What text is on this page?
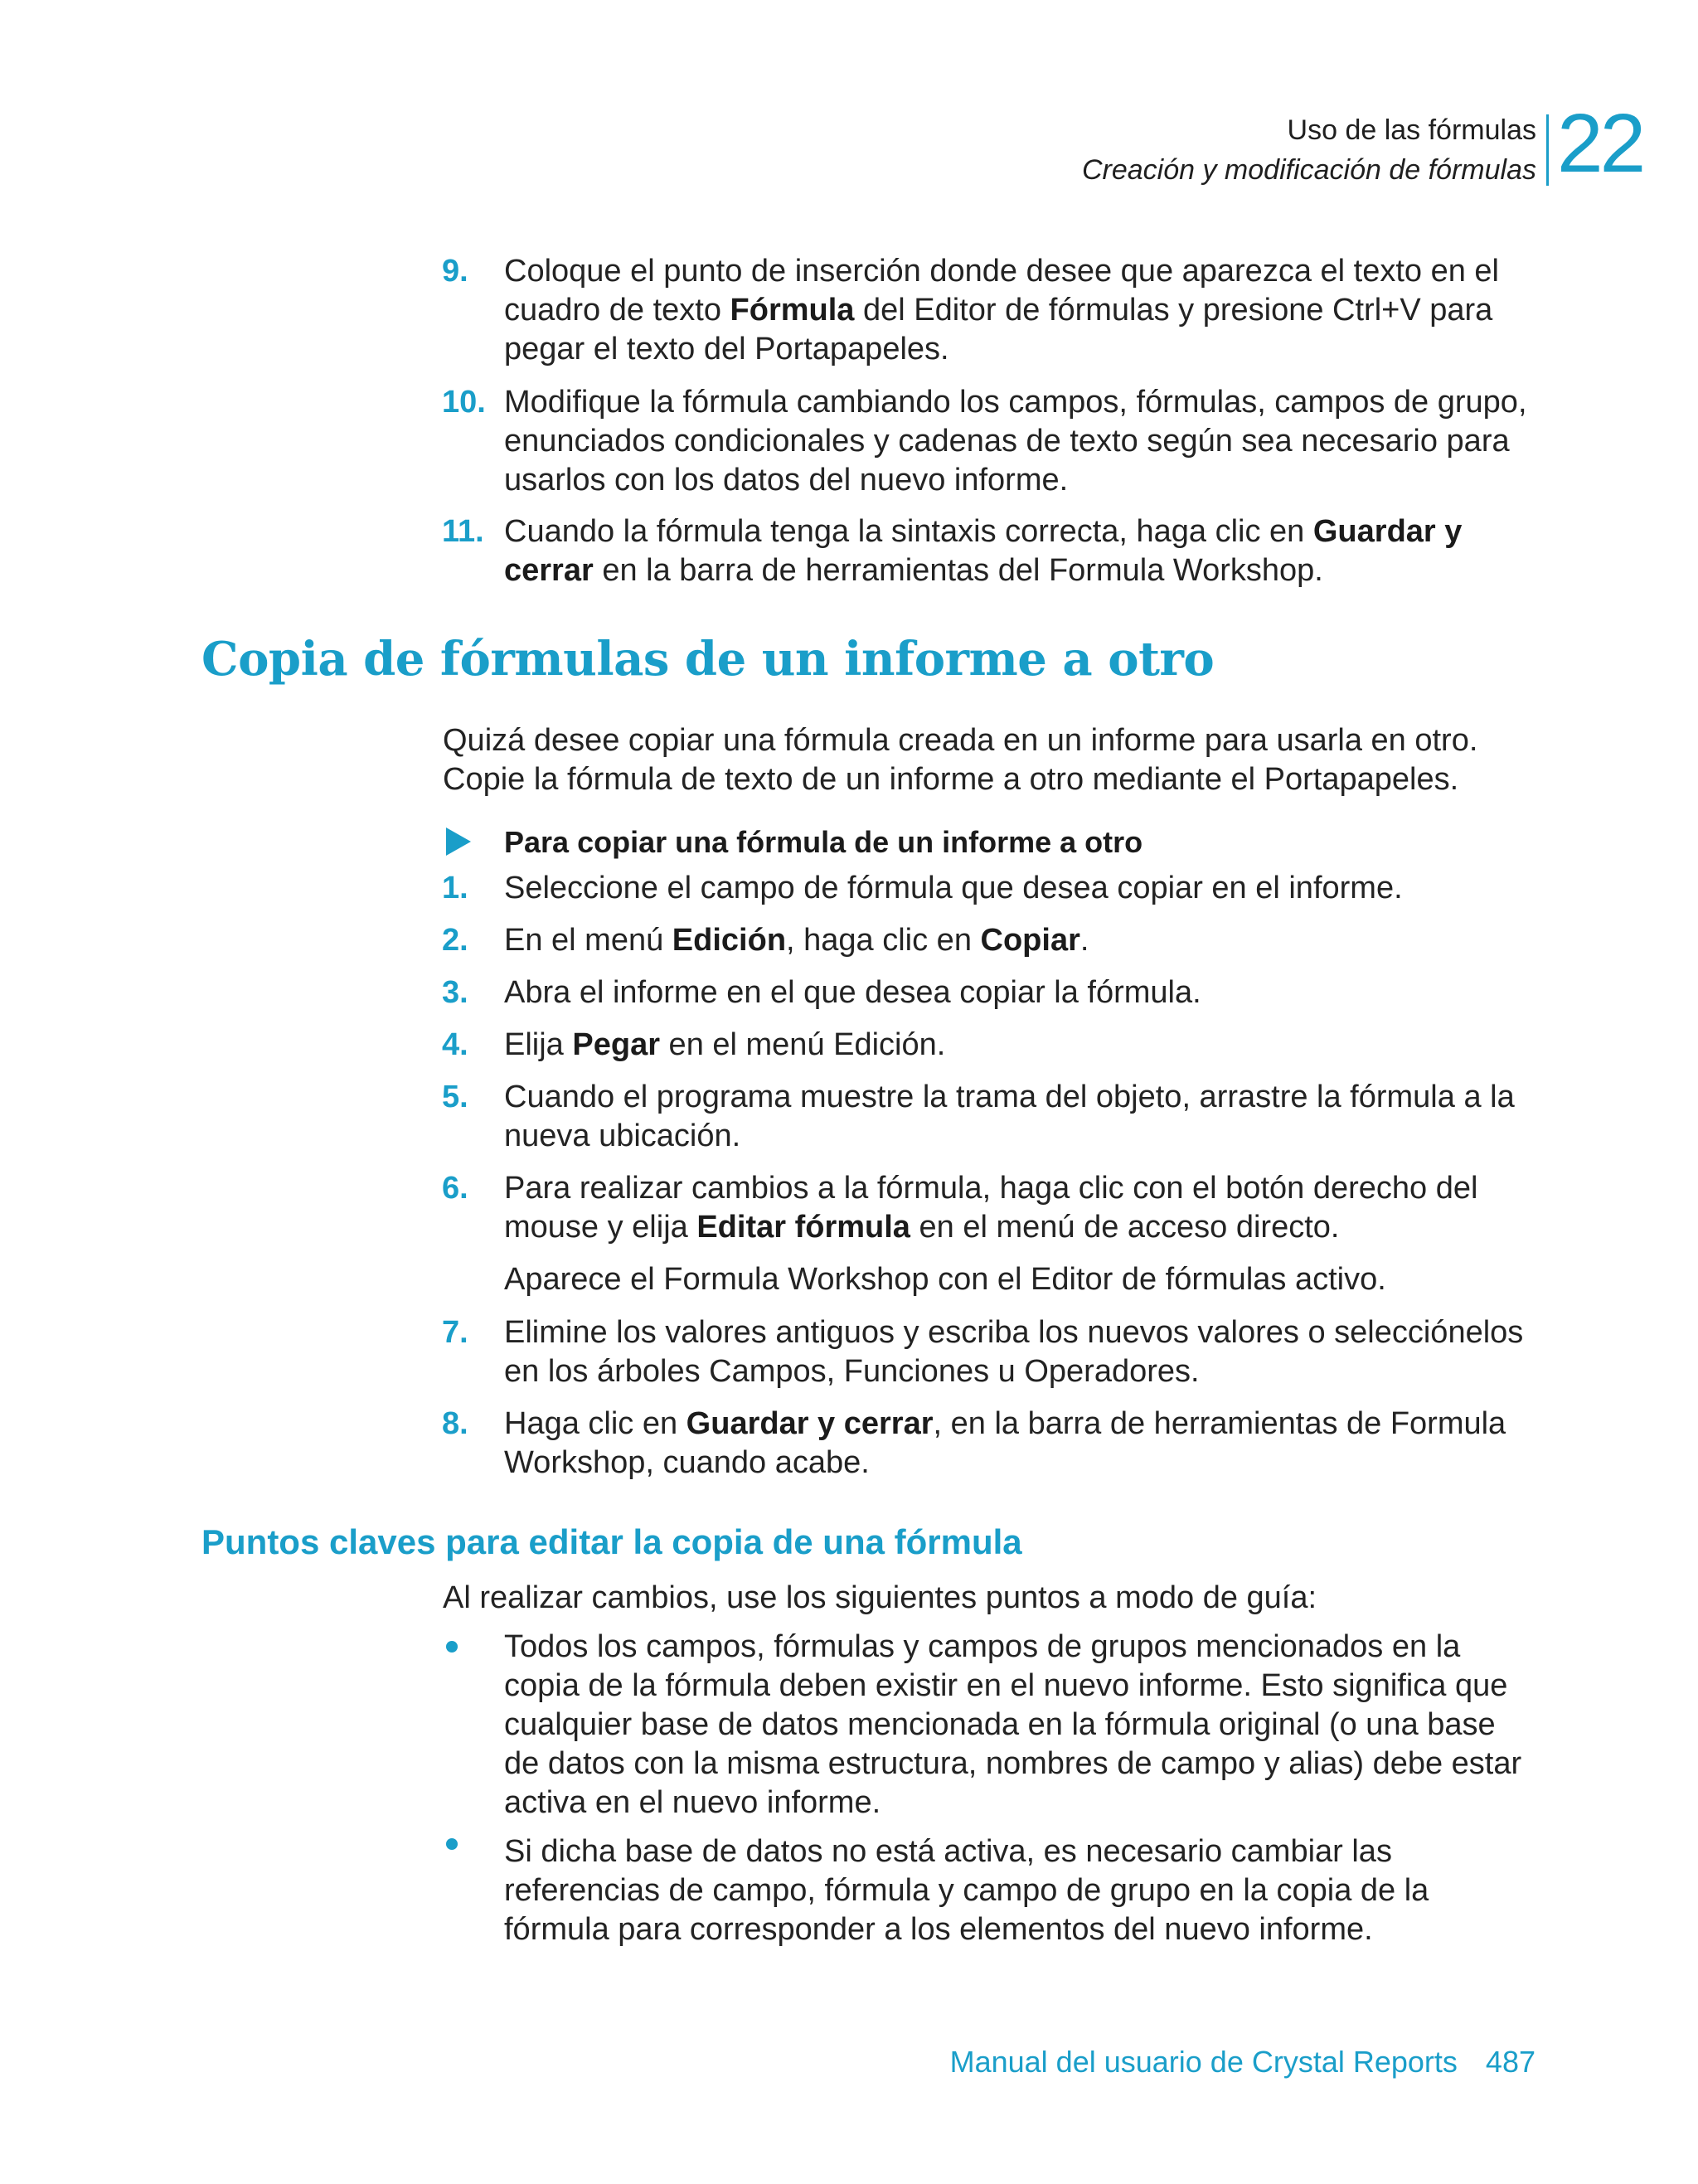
Uso de las fórmulas
Creación y modificación de fórmulas 22
9. Coloque el punto de inserción donde desee que aparezca el texto en el
cuadro de texto Fórmula del Editor de fórmulas y presione Ctrl+V para
pegar el texto del Portapapeles.
10. Modifique la fórmula cambiando los campos, fórmulas, campos de grupo,
enunciados condicionales y cadenas de texto según sea necesario para
usarlos con los datos del nuevo informe.
11. Cuando la fórmula tenga la sintaxis correcta, haga clic en Guardar y
cerrar en la barra de herramientas del Formula Workshop.
Copia de fórmulas de un informe a otro
Quizá desee copiar una fórmula creada en un informe para usarla en otro.
Copie la fórmula de texto de un informe a otro mediante el Portapapeles.
Para copiar una fórmula de un informe a otro
1. Seleccione el campo de fórmula que desea copiar en el informe.
2. En el menú Edición, haga clic en Copiar.
3. Abra el informe en el que desea copiar la fórmula.
4. Elija Pegar en el menú Edición.
5. Cuando el programa muestre la trama del objeto, arrastre la fórmula a la
nueva ubicación.
6. Para realizar cambios a la fórmula, haga clic con el botón derecho del
mouse y elija Editar fórmula en el menú de acceso directo.
Aparece el Formula Workshop con el Editor de fórmulas activo.
7. Elimine los valores antiguos y escriba los nuevos valores o selecciónelos
en los árboles Campos, Funciones u Operadores.
8. Haga clic en Guardar y cerrar, en la barra de herramientas de Formula
Workshop, cuando acabe.
Puntos claves para editar la copia de una fórmula
Al realizar cambios, use los siguientes puntos a modo de guía:
Todos los campos, fórmulas y campos de grupos mencionados en la
copia de la fórmula deben existir en el nuevo informe. Esto significa que
cualquier base de datos mencionada en la fórmula original (o una base
de datos con la misma estructura, nombres de campo y alias) debe estar
activa en el nuevo informe.
Si dicha base de datos no está activa, es necesario cambiar las
referencias de campo, fórmula y campo de grupo en la copia de la
fórmula para corresponder a los elementos del nuevo informe.
Manual del usuario de Crystal Reports 487
